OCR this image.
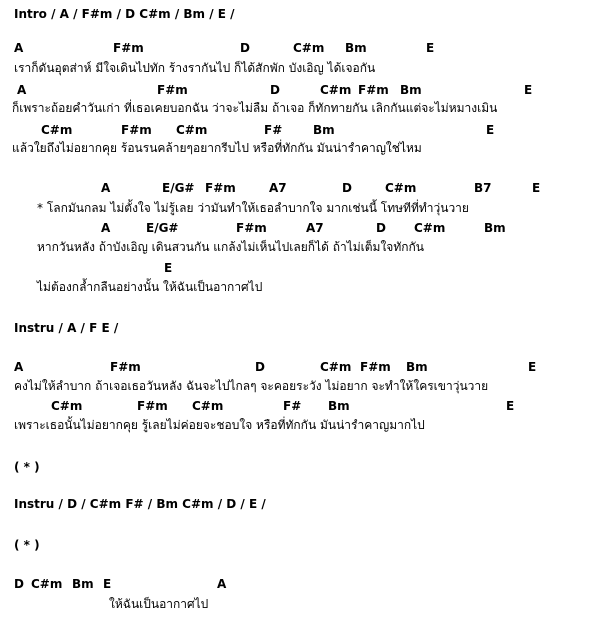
Intro / A / F#m / D C#m / Bm / E /
A	F#m	D	C#m Bm	E
เราก็ดันอุตส่าห์ มีใจเดินไปทัก ร้างรากันไป ก็ได้สักพัก บังเอิญ ได้เจอกัน
A	F#m	D	C#m F#m Bm	E
ก็เพราะถ้อยคำวันเก่า ที่เธอเคยบอกฉัน ว่าจะไม่ลืม ถ้าเจอ ก็ทักทายกัน เลิกกันแต่จะไม่หมางเมิน
C#m	F#m C#m	F#	Bm	E
แล้วใยถึงไม่อยากคุย ร้อนรนคล้ายๆอยากรีบไป หรือที่ทักกัน มันน่ารำคาญใช่ไหม
A	E/G# F#m	A7	D	C#m	B7	E
* โลกมันกลม ไม่ตั้งใจ ไม่รู้เลย ว่ามันทำให้เธอลำบากใจ มากเช่นนี้ โทษทีที่ทำวุ่นวาย
A	E/G#	F#m	A7	D C#m	Bm
หากวันหลัง ถ้าบังเอิญ เดินสวนกัน แกล้งไม่เห็นไปเลยก็ได้ ถ้าไม่เต็มใจทักกัน
E
ไม่ต้องกล้ำกลืนอย่างนั้น ให้ฉันเป็นอากาศไป
Instru / A / F E /
A	F#m	D	C#m F#m Bm	E
คงไม่ให้ลำบาก ถ้าเจอเธอวันหลัง ฉันจะไปไกลๆ จะคอยระวัง ไม่อยาก จะทำให้ใครเขาวุ่นวาย
C#m	F#m C#m	F# Bm	E
เพราะเธอนั้นไม่อยากคุย รู้เลยไม่ค่อยจะชอบใจ หรือที่ทักกัน มันน่ารำคาญมากไป
( * )
Instru / D / C#m F# / Bm C#m / D / E /
( * )
D C#m Bm E	A
ให้ฉันเป็นอากาศไป
